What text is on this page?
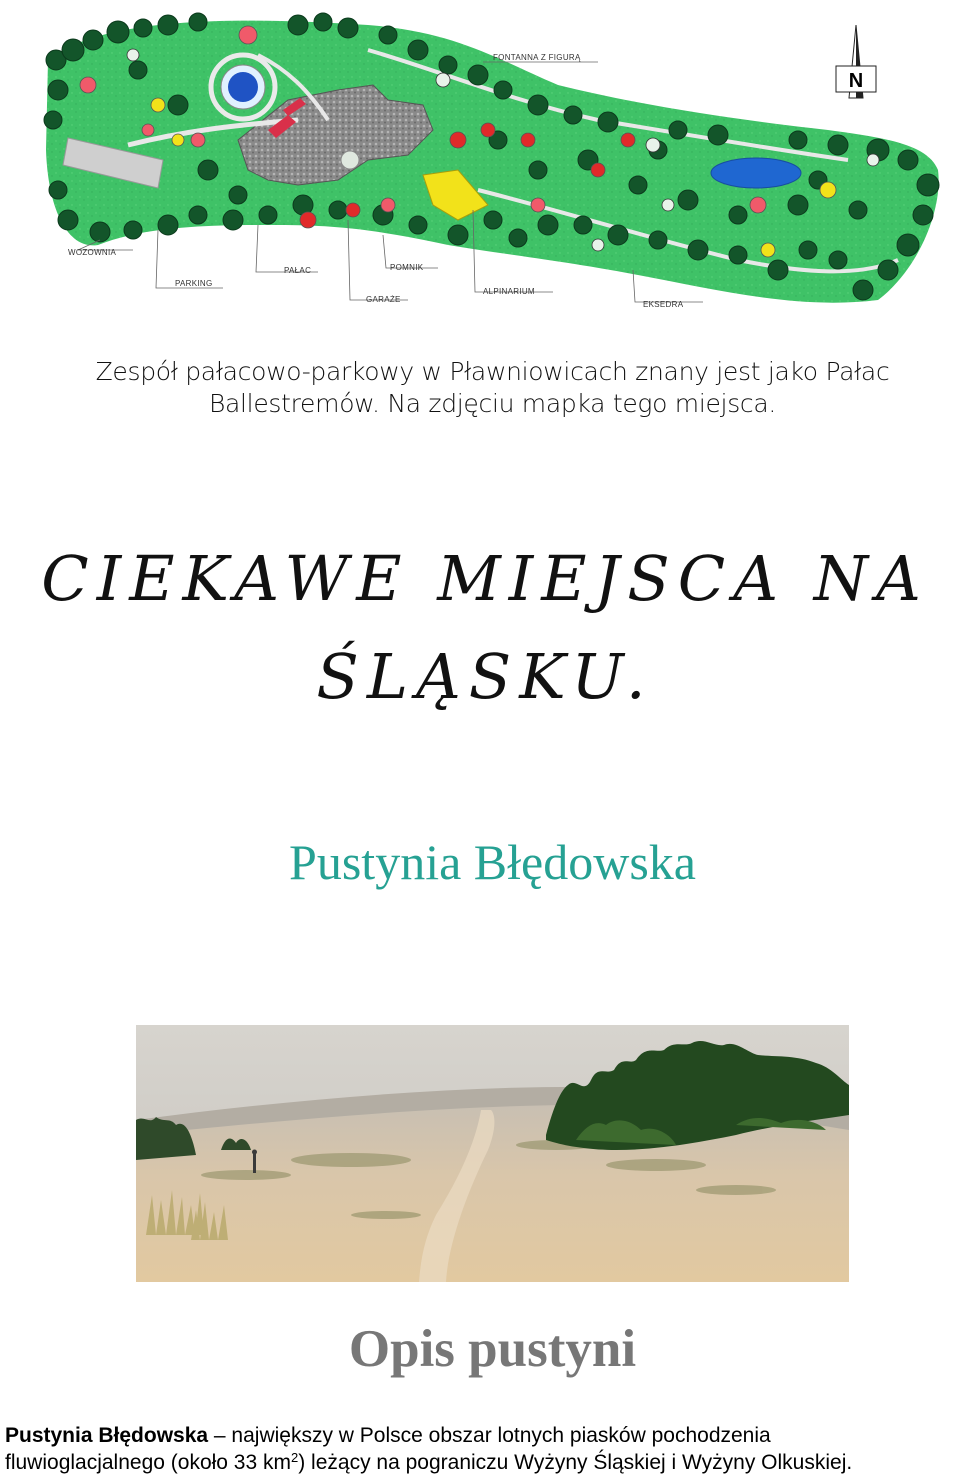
FONTANNA Z FIGURĄ
WOZOWNIA
PARKING
PAŁAC	POMNIK
GARAŻE
ALPINARIUM
EKSEDRA
N
Zespół pałacowo-parkowy w Pławniowicach znany jest jako Pałac
Ballestremów. Na zdjęciu mapka tego miejsca.
CIEKAWE MIEJSCA NA
ŚLĄSKU.
Pustynia Błędowska
Opis pustyni
Pustynia Błędowska – największy w Polsce obszar lotnych piasków pochodzenia
fluwioglacjalnego (około 33 $km^2$) leżący na pograniczu Wyżyny Śląskiej i Wyżyny Olkuskiej.
